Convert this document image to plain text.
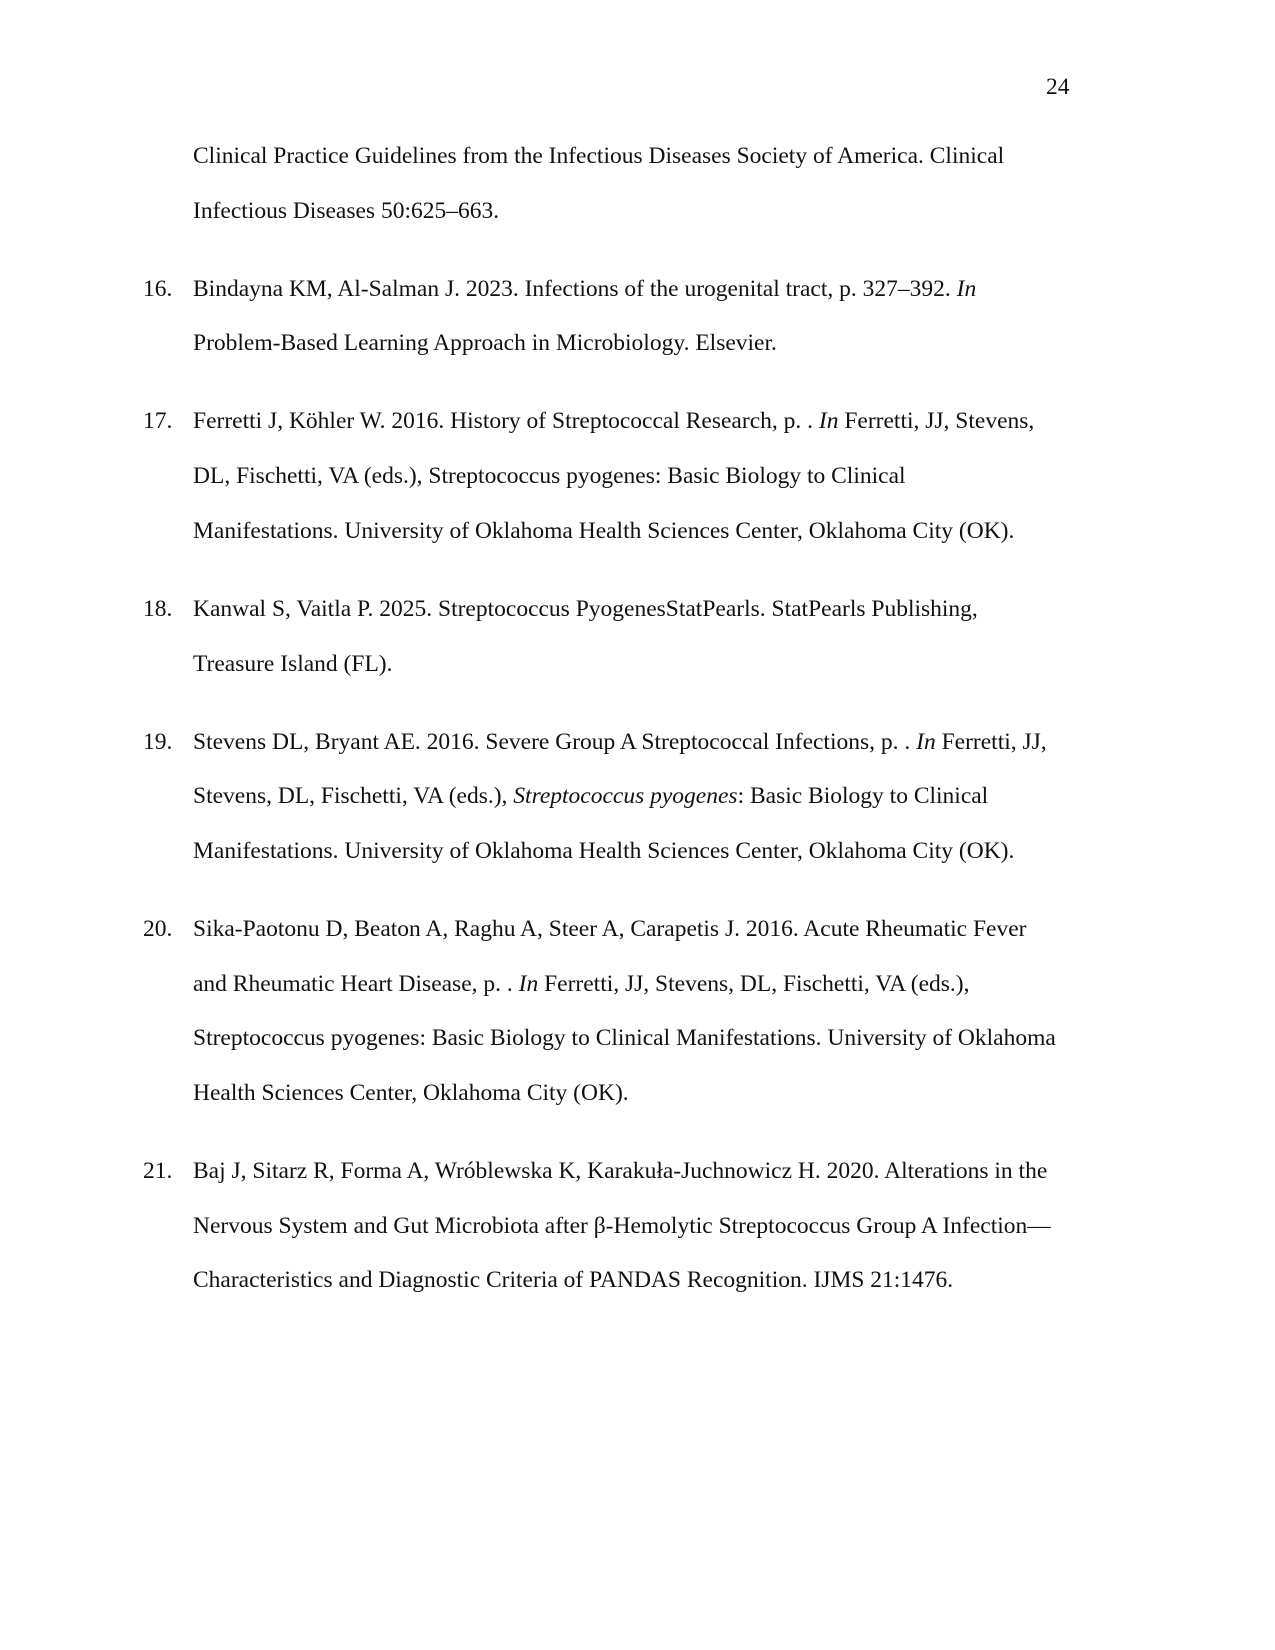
24
Clinical Practice Guidelines from the Infectious Diseases Society of America. Clinical
Infectious Diseases 50:625–663.
16. Bindayna KM, Al-Salman J. 2023. Infections of the urogenital tract, p. 327–392. In
Problem-Based Learning Approach in Microbiology. Elsevier.
17. Ferretti J, Köhler W. 2016. History of Streptococcal Research, p. . In Ferretti, JJ, Stevens,
DL, Fischetti, VA (eds.), Streptococcus pyogenes: Basic Biology to Clinical
Manifestations. University of Oklahoma Health Sciences Center, Oklahoma City (OK).
18. Kanwal S, Vaitla P. 2025. Streptococcus PyogenesStatPearls. StatPearls Publishing,
Treasure Island (FL).
19. Stevens DL, Bryant AE. 2016. Severe Group A Streptococcal Infections, p. . In Ferretti, JJ,
Stevens, DL, Fischetti, VA (eds.), Streptococcus pyogenes: Basic Biology to Clinical
Manifestations. University of Oklahoma Health Sciences Center, Oklahoma City (OK).
20. Sika-Paotonu D, Beaton A, Raghu A, Steer A, Carapetis J. 2016. Acute Rheumatic Fever
and Rheumatic Heart Disease, p. . In Ferretti, JJ, Stevens, DL, Fischetti, VA (eds.),
Streptococcus pyogenes: Basic Biology to Clinical Manifestations. University of Oklahoma
Health Sciences Center, Oklahoma City (OK).
21. Baj J, Sitarz R, Forma A, Wróblewska K, Karakuła-Juchnowicz H. 2020. Alterations in the
Nervous System and Gut Microbiota after β-Hemolytic Streptococcus Group A Infection—
Characteristics and Diagnostic Criteria of PANDAS Recognition. IJMS 21:1476.
